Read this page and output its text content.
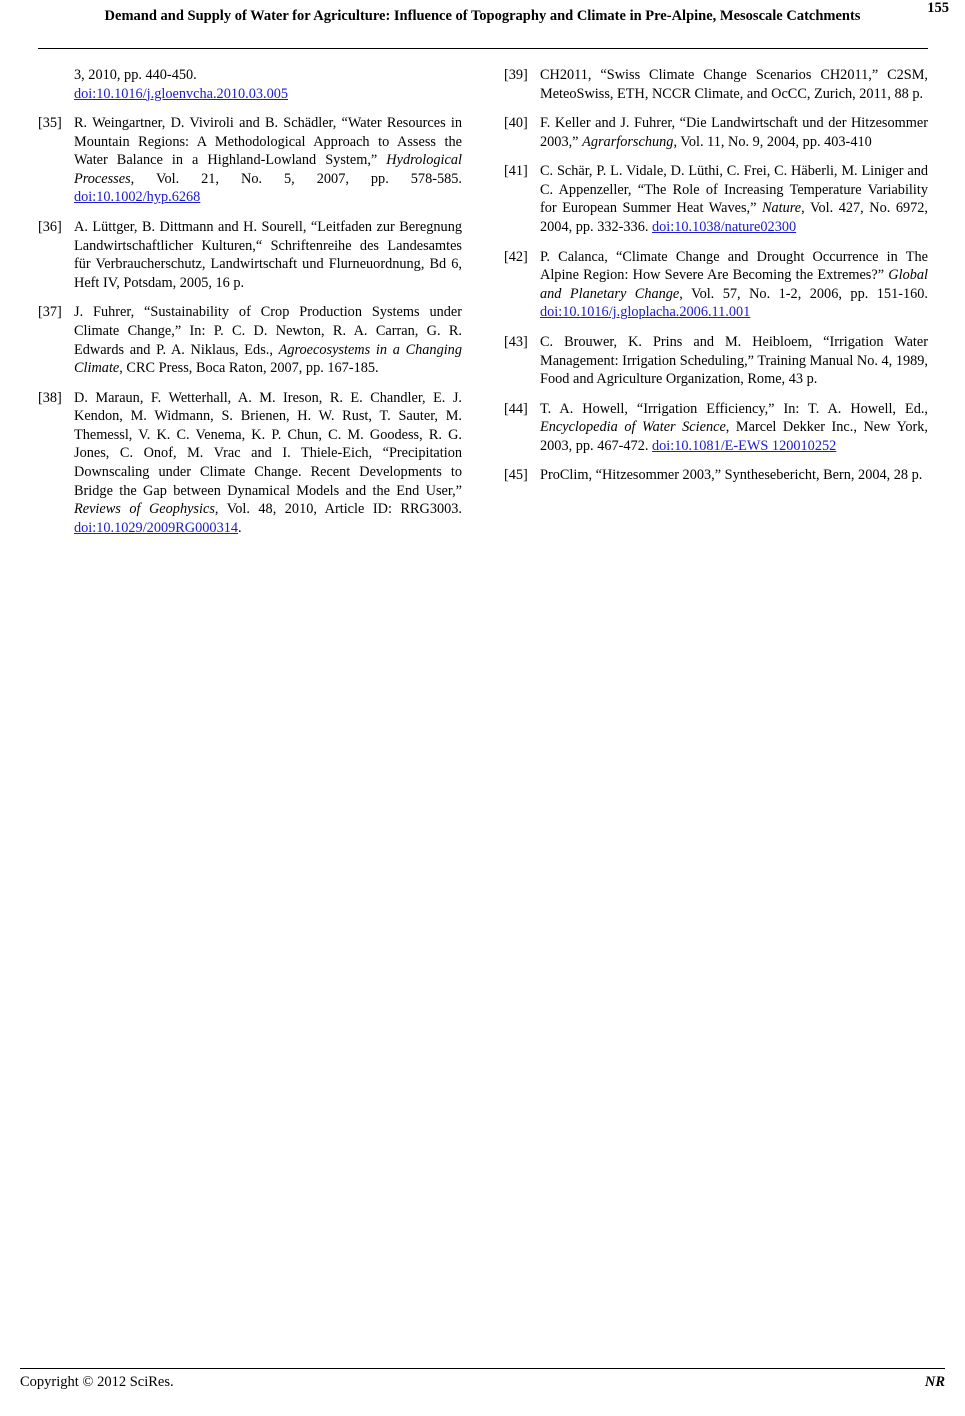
Demand and Supply of Water for Agriculture: Influence of Topography and Climate in Pre-Alpine, Mesoscale Catchments	155
3, 2010, pp. 440-450.
doi:10.1016/j.gloenvcha.2010.03.005
[35] R. Weingartner, D. Viviroli and B. Schädler, “Water Resources in Mountain Regions: A Methodological Approach to Assess the Water Balance in a Highland-Lowland System,” Hydrological Processes, Vol. 21, No. 5, 2007, pp. 578-585. doi:10.1002/hyp.6268
[36] A. Lüttger, B. Dittmann and H. Sourell, “Leitfaden zur Beregnung Landwirtschaftlicher Kulturen,“ Schriftenreihe des Landesamtes für Verbraucherschutz, Landwirtschaft und Flurneuordnung, Bd 6, Heft IV, Potsdam, 2005, 16 p.
[37] J. Fuhrer, “Sustainability of Crop Production Systems under Climate Change,” In: P. C. D. Newton, R. A. Carran, G. R. Edwards and P. A. Niklaus, Eds., Agroecosystems in a Changing Climate, CRC Press, Boca Raton, 2007, pp. 167-185.
[38] D. Maraun, F. Wetterhall, A. M. Ireson, R. E. Chandler, E. J. Kendon, M. Widmann, S. Brienen, H. W. Rust, T. Sauter, M. Themessl, V. K. C. Venema, K. P. Chun, C. M. Goodess, R. G. Jones, C. Onof, M. Vrac and I. Thiele-Eich, “Precipitation Downscaling under Climate Change. Recent Developments to Bridge the Gap between Dynamical Models and the End User,” Reviews of Geophysics, Vol. 48, 2010, Article ID: RRG3003. doi:10.1029/2009RG000314.
[39] CH2011, “Swiss Climate Change Scenarios CH2011,” C2SM, MeteoSwiss, ETH, NCCR Climate, and OcCC, Zurich, 2011, 88 p.
[40] F. Keller and J. Fuhrer, “Die Landwirtschaft und der Hitzesommer 2003,” Agrarforschung, Vol. 11, No. 9, 2004, pp. 403-410
[41] C. Schär, P. L. Vidale, D. Lüthi, C. Frei, C. Häberli, M. Liniger and C. Appenzeller, “The Role of Increasing Temperature Variability for European Summer Heat Waves,” Nature, Vol. 427, No. 6972, 2004, pp. 332-336. doi:10.1038/nature02300
[42] P. Calanca, “Climate Change and Drought Occurrence in The Alpine Region: How Severe Are Becoming the Extremes?” Global and Planetary Change, Vol. 57, No. 1-2, 2006, pp. 151-160. doi:10.1016/j.gloplacha.2006.11.001
[43] C. Brouwer, K. Prins and M. Heibloem, “Irrigation Water Management: Irrigation Scheduling,” Training Manual No. 4, 1989, Food and Agriculture Organization, Rome, 43 p.
[44] T. A. Howell, “Irrigation Efficiency,” In: T. A. Howell, Ed., Encyclopedia of Water Science, Marcel Dekker Inc., New York, 2003, pp. 467-472. doi:10.1081/E-EWS 120010252
[45] ProClim, “Hitzesommer 2003,” Synthesebericht, Bern, 2004, 28 p.
Copyright © 2012 SciRes.	NR
